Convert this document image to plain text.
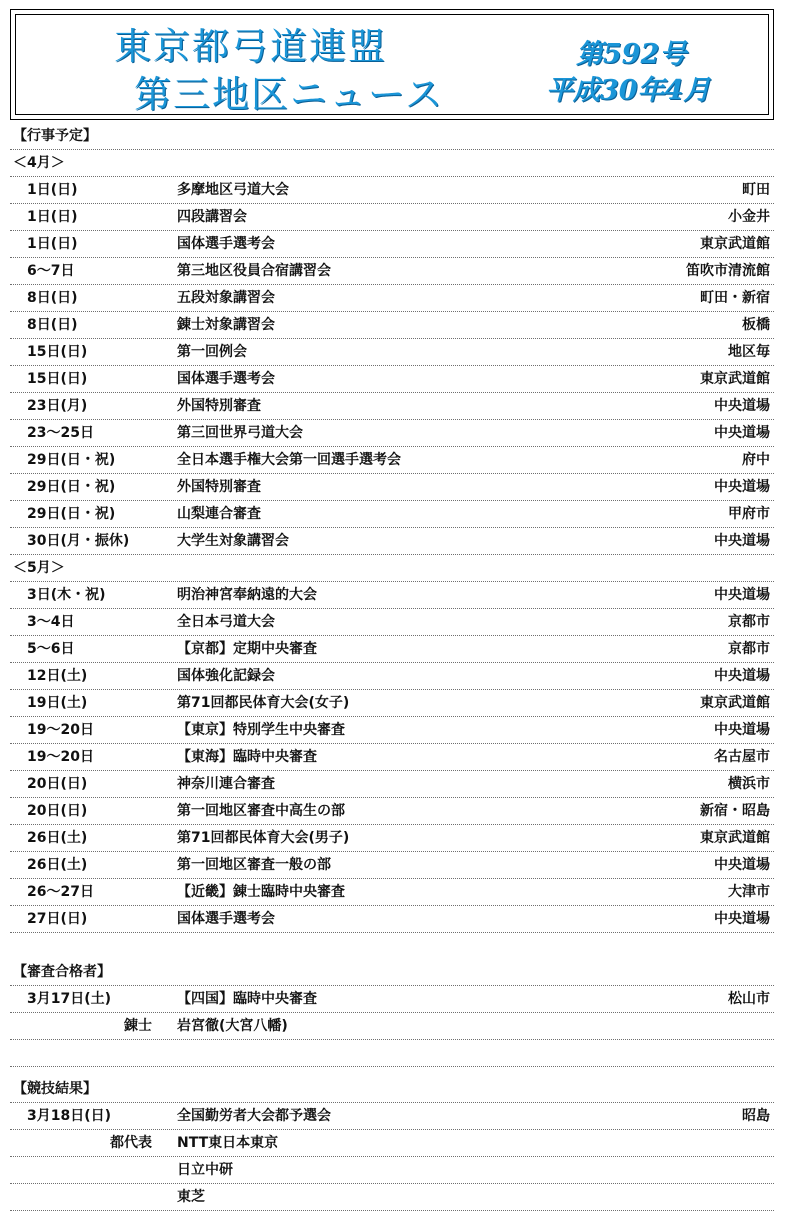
東京都弓道連盟
第三地区ニュース
第592号
平成30年4月
【行事予定】
＜4月＞
1日(日)	多摩地区弓道大会	町田
1日(日)	四段講習会	小金井
1日(日)	国体選手選考会	東京武道館
6～7日	第三地区役員合宿講習会	笛吹市清流館
8日(日)	五段対象講習会	町田・新宿
8日(日)	錬士対象講習会	板橋
15日(日)	第一回例会	地区毎
15日(日)	国体選手選考会	東京武道館
23日(月)	外国特別審査	中央道場
23～25日	第三回世界弓道大会	中央道場
29日(日・祝)	全日本選手権大会第一回選手選考会	府中
29日(日・祝)	外国特別審査	中央道場
29日(日・祝)	山梨連合審査	甲府市
30日(月・振休)	大学生対象講習会	中央道場
＜5月＞
3日(木・祝)	明治神宮奉納遠的大会	中央道場
3～4日	全日本弓道大会	京都市
5～6日	【京都】定期中央審査	京都市
12日(土)	国体強化記録会	中央道場
19日(土)	第71回都民体育大会(女子)	東京武道館
19～20日	【東京】特別学生中央審査	中央道場
19～20日	【東海】臨時中央審査	名古屋市
20日(日)	神奈川連合審査	横浜市
20日(日)	第一回地区審査中高生の部	新宿・昭島
26日(土)	第71回都民体育大会(男子)	東京武道館
26日(土)	第一回地区審査一般の部	中央道場
26～27日	【近畿】錬士臨時中央審査	大津市
27日(日)	国体選手選考会	中央道場
【審査合格者】
3月17日(土)	【四国】臨時中央審査	松山市
錬士 岩宮徹(大宮八幡)
【競技結果】
3月18日(日)	全国勤労者大会都予選会	昭島
都代表 NTT東日本東京
日立中研
東芝
